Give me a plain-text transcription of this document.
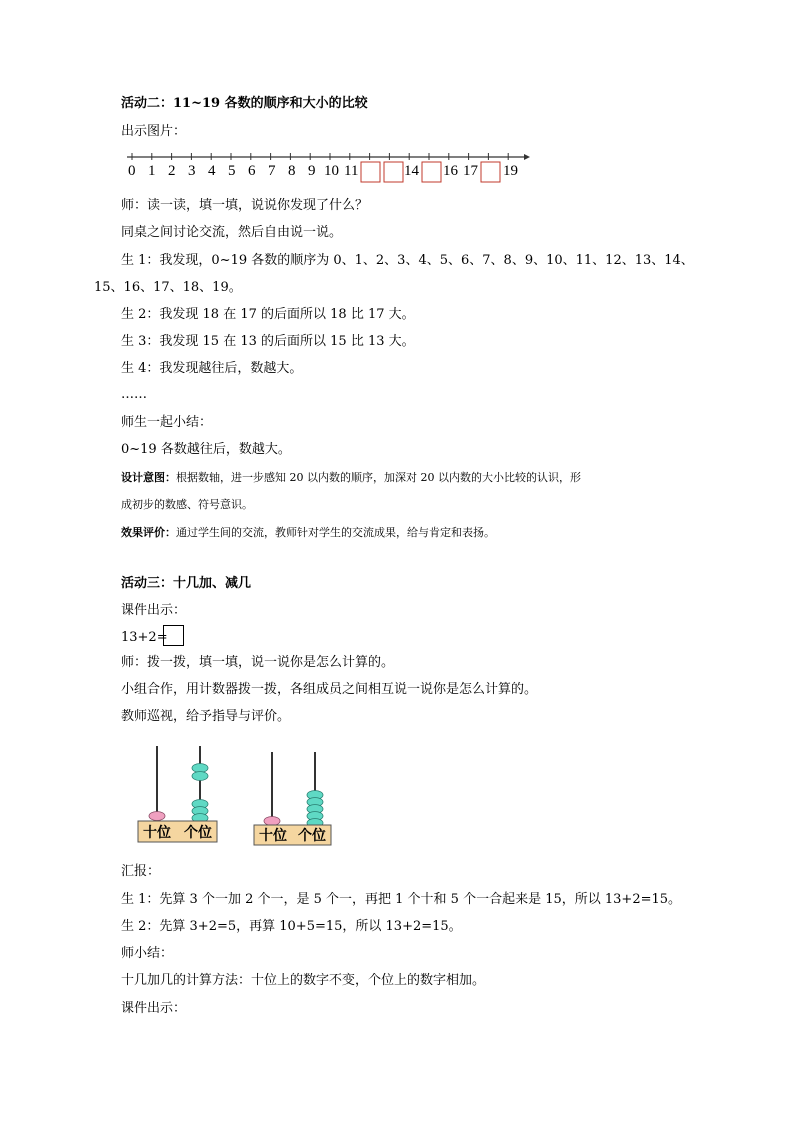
活动二：11~19 各数的顺序和大小的比较
出示图片：
0 1 2 3 4 5 6 7 8 9 10 11	14 16 17 19
师：读一读，填一填，说说你发现了什么？
同桌之间讨论交流，然后自由说一说。
生 1：我发现，0~19 各数的顺序为 0、1、2、3、4、5、6、7、8、9、10、11、12、13、14、
15、16、17、18、19。
生 2：我发现 18 在 17 的后面所以 18 比 17 大。
生 3：我发现 15 在 13 的后面所以 15 比 13 大。
生 4：我发现越往后，数越大。
……
师生一起小结：
0~19 各数越往后，数越大。
设计意图：根据数轴，进一步感知 20 以内数的顺序，加深对 20 以内数的大小比较的认识，形
成初步的数感、符号意识。
效果评价：通过学生间的交流，教师针对学生的交流成果，给与肯定和表扬。
活动三：十几加、减几
课件出示：
13+2=
师：拨一拨，填一填，说一说你是怎么计算的。
小组合作，用计数器拨一拨，各组成员之间相互说一说你是怎么计算的。
教师巡视，给予指导与评价。
十位 个位	十位 个位
汇报：
生 1：先算 3 个一加 2 个一，是 5 个一，再把 1 个十和 5 个一合起来是 15，所以 13+2=15。
生 2：先算 3+2=5，再算 10+5=15，所以 13+2=15。
师小结：
十几加几的计算方法：十位上的数字不变，个位上的数字相加。
课件出示：
